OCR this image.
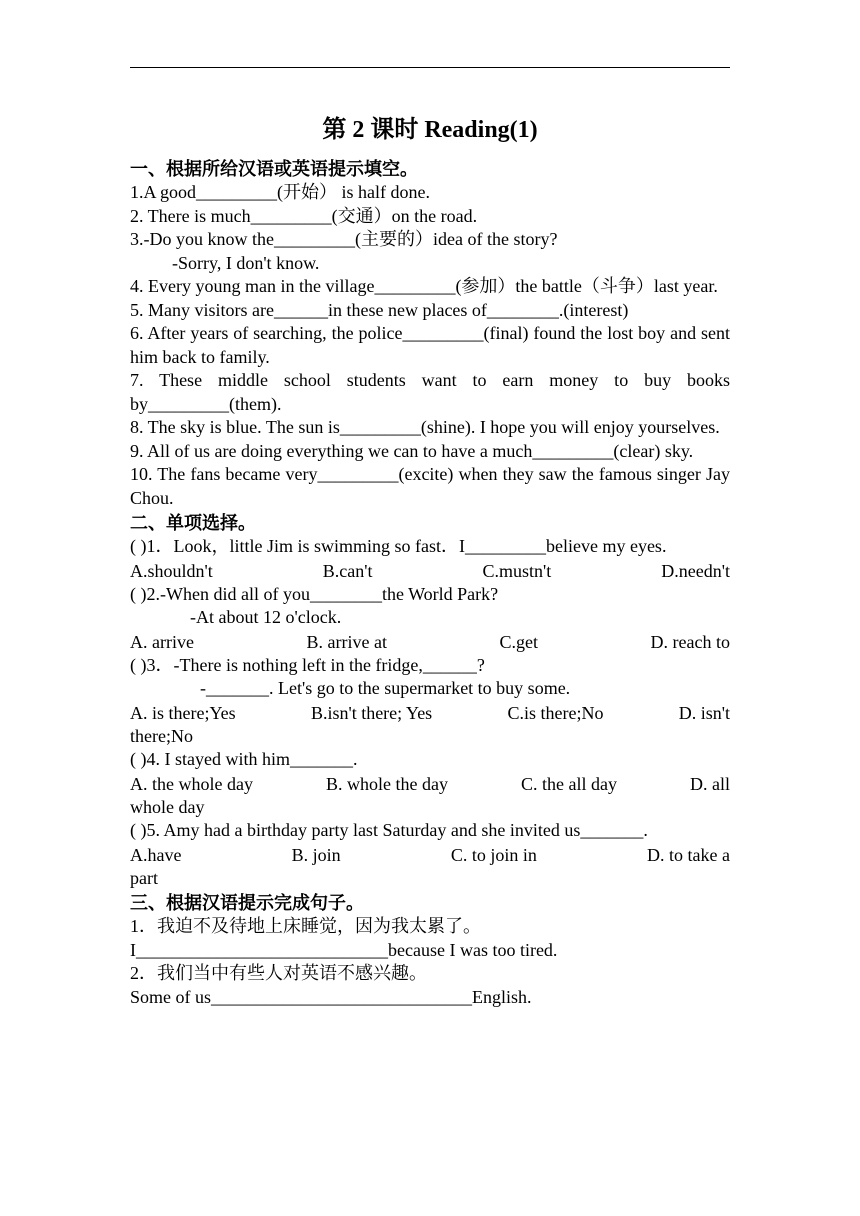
第 2 课时 Reading(1)
一、根据所给汉语或英语提示填空。
1.A good_________(开始） is half done.
2. There is much_________(交通）on the road.
3.-Do you know the_________(主要的）idea of the story?
-Sorry, I don't know.
4. Every young man in the village_________(参加）the battle（斗争）last year.
5. Many visitors are______in these new places of________.(interest)
6. After years of searching, the police_________(final) found the lost boy and sent him back to family.
7. These middle school students want to earn money to buy books by_________(them).
8. The sky is blue. The sun is_________(shine). I hope you will enjoy yourselves.
9. All of us are doing everything we can to have a much_________(clear) sky.
10. The fans became very_________(excite) when they saw the famous singer Jay Chou.
二、单项选择。
( )1．Look，little Jim is swimming so fast．I_________believe my eyes.
A.shouldn't	B.can't	C.mustn't	D.needn't
( )2.-When did all of you________the World Park?
-At about 12 o'clock.
A. arrive	B. arrive at	C.get	D. reach to
( )3．-There is nothing left in the fridge,______?
-_______. Let's go to the supermarket to buy some.
A. is there;Yes	B.isn't there; Yes	C.is there;No	D. isn't
there;No
( )4. I stayed with him_______.
A. the whole day	B. whole the day	C. the all day	D. all
whole day
( )5. Amy had a birthday party last Saturday and she invited us_______.
A.have	B. join	C. to join in	D. to take a
part
三、根据汉语提示完成句子。
1．我迫不及待地上床睡觉，因为我太累了。
I____________________________because I was too tired.
2．我们当中有些人对英语不感兴趣。
Some of us_____________________________English.
